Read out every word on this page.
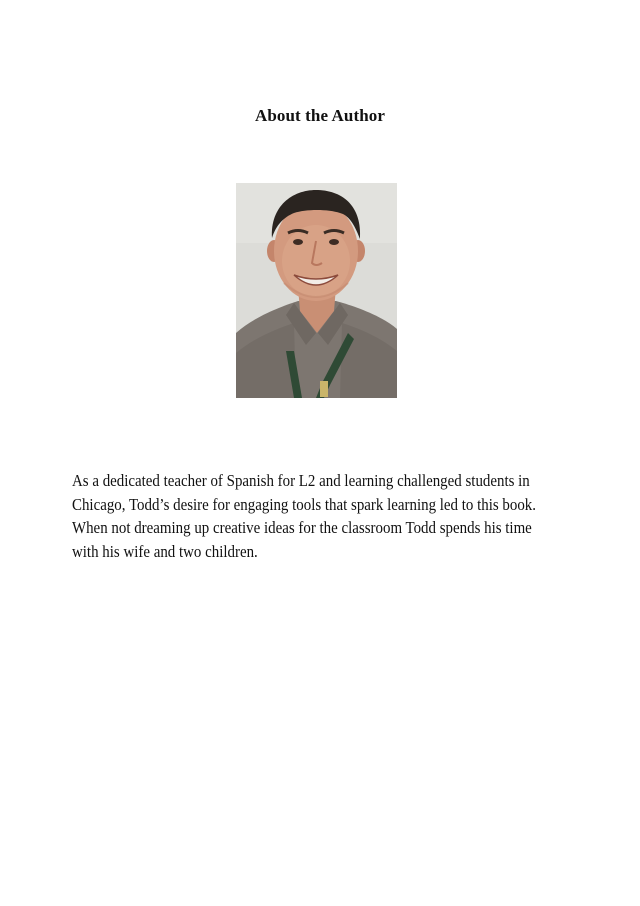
About the Author
As a dedicated teacher of Spanish for L2 and learning challenged students in
Chicago, Todd’s desire for engaging tools that spark learning led to this book.
When not dreaming up creative ideas for the classroom Todd spends his time
with his wife and two children.
